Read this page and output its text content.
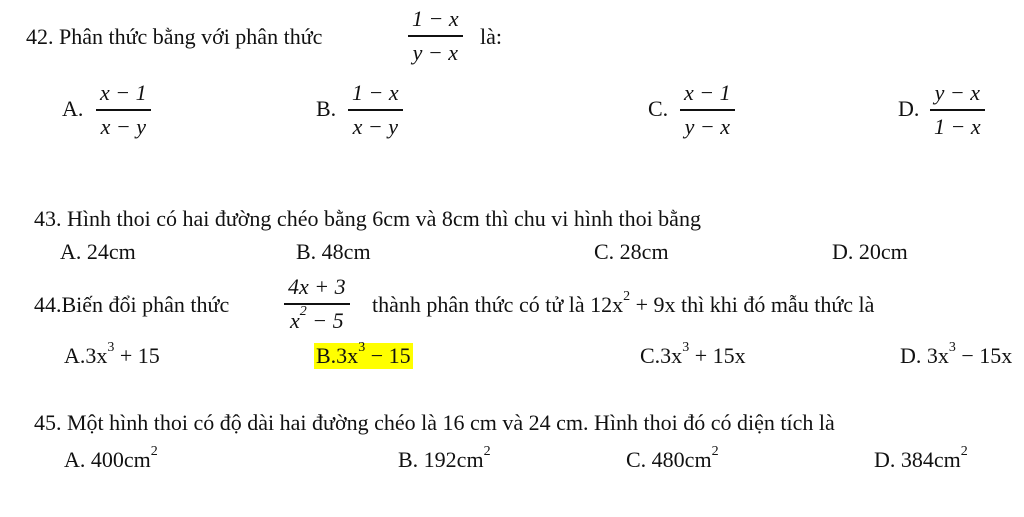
42. Phân thức bằng với phân thức
1 − x
y − x
là:
A.
x − 1
x − y
B.
1 − x
x − y
C.
x − 1
y − x
D.
y − x
1 − x
43. Hình thoi có hai đường chéo bằng 6cm và 8cm thì chu vi hình thoi bằng
A. 24cm	B. 48cm	C. 28cm	D. 20cm
44.Biến đổi phân thức
4x + 3
$x^2 - 5$
thành phân thức có tử là $12x^2 + 9x$ thì khi đó mẫu thức là
$A.3x^3 + 15$	$B.3x^3 - 15$	$C.3x^3 + 15x$	D. $3x^3 - 15x$
45. Một hình thoi có độ dài hai đường chéo là 16 cm và 24 cm. Hình thoi đó có diện tích là
A. $400cm^2$	B. $192cm^2$	C. $480cm^2$	D. $384cm^2$
